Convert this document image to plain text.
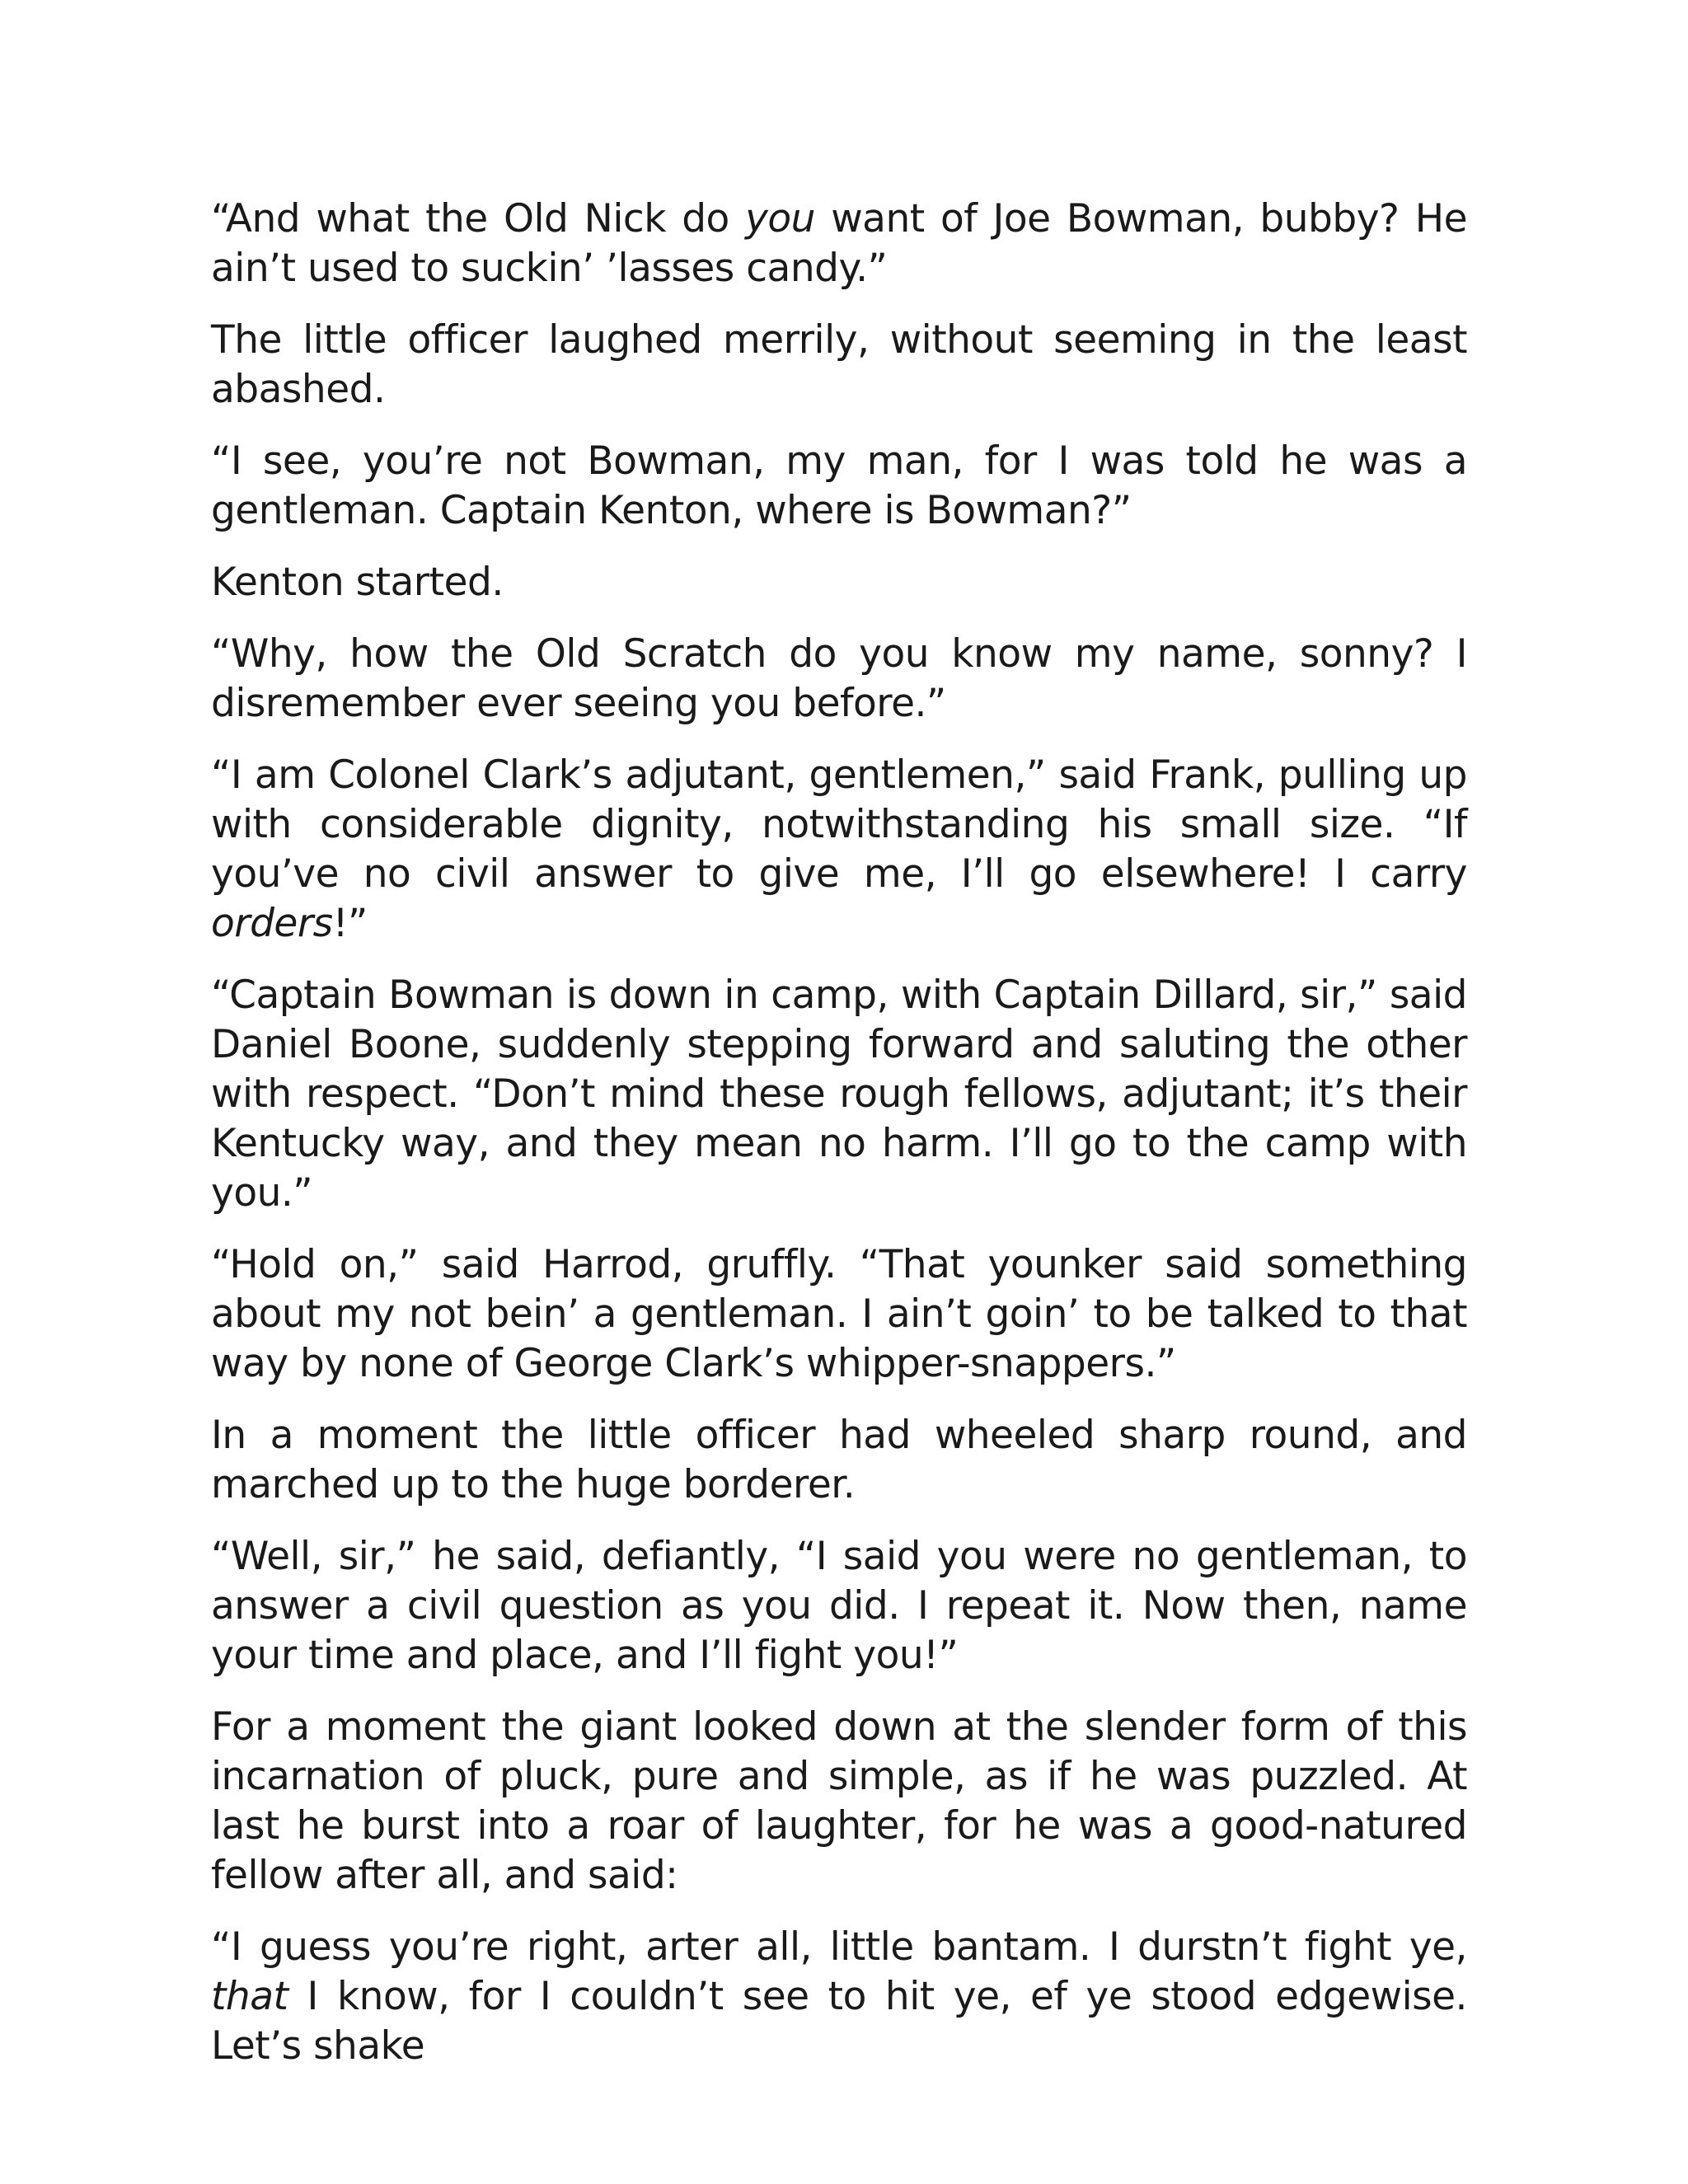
“And what the Old Nick do you want of Joe Bowman, bubby? He ain’t used to suckin’ ’lasses candy.”

The little officer laughed merrily, without seeming in the least abashed.

“I see, you’re not Bowman, my man, for I was told he was a gentleman. Captain Kenton, where is Bowman?”

Kenton started.

“Why, how the Old Scratch do you know my name, sonny? I disremember ever seeing you before.”

“I am Colonel Clark’s adjutant, gentlemen,” said Frank, pulling up with considerable dignity, notwithstanding his small size. “If you’ve no civil answer to give me, I’ll go elsewhere! I carry orders!”

“Captain Bowman is down in camp, with Captain Dillard, sir,” said Daniel Boone, suddenly stepping forward and saluting the other with respect. “Don’t mind these rough fellows, adjutant; it’s their Kentucky way, and they mean no harm. I’ll go to the camp with you.”

“Hold on,” said Harrod, gruffly. “That younker said something about my not bein’ a gentleman. I ain’t goin’ to be talked to that way by none of George Clark’s whipper-snappers.”

In a moment the little officer had wheeled sharp round, and marched up to the huge borderer.

“Well, sir,” he said, defiantly, “I said you were no gentleman, to answer a civil question as you did. I repeat it. Now then, name your time and place, and I’ll fight you!”

For a moment the giant looked down at the slender form of this incarnation of pluck, pure and simple, as if he was puzzled. At last he burst into a roar of laughter, for he was a good-natured fellow after all, and said:

“I guess you’re right, arter all, little bantam. I durstn’t fight ye, that I know, for I couldn’t see to hit ye, ef ye stood edgewise. Let’s shake
